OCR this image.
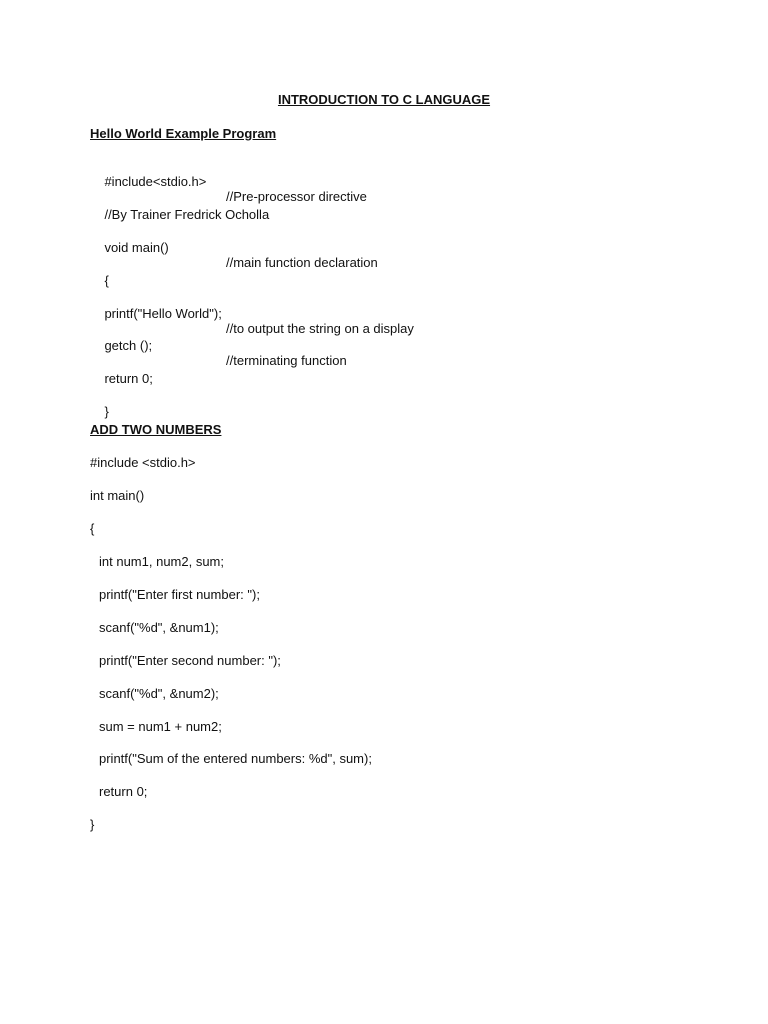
INTRODUCTION TO C LANGUAGE
Hello World Example Program

#include<stdio.h>

//Pre-processor directive

//By Trainer Fredrick Ocholla

void main()

//main function declaration

{

printf("Hello World");

//to output the string on a display

getch ();

//terminating function

return 0;

}

ADD TWO NUMBERS
#include <stdio.h>
int main()
{
int num1, num2, sum;
printf("Enter first number: ");
scanf("%d", &num1);
printf("Enter second number: ");
scanf("%d", &num2);
sum = num1 + num2;
printf("Sum of the entered numbers: %d", sum);
return 0;
}
